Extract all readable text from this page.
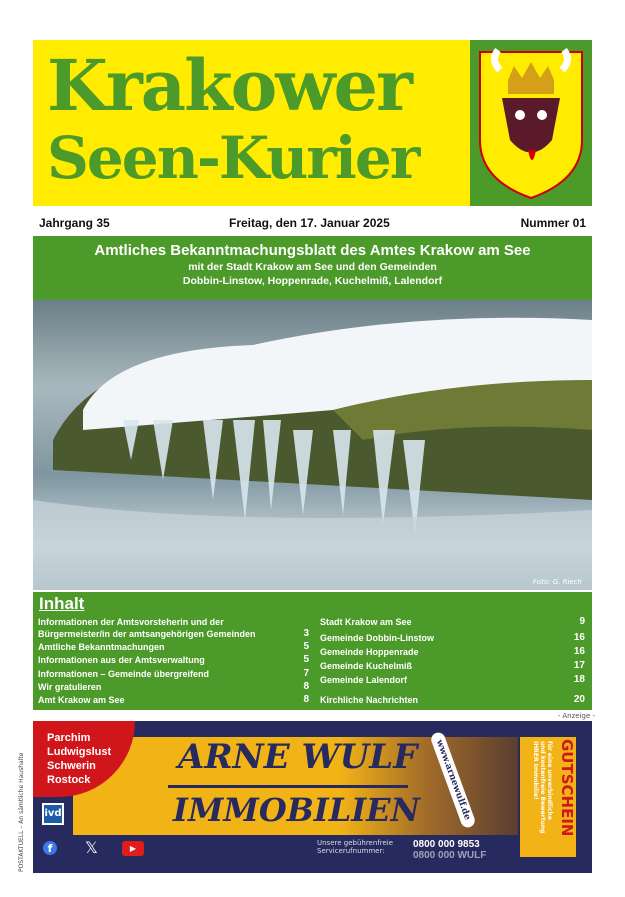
Krakower
Seen-Kurier
Jahrgang 35	Freitag, den 17. Januar 2025	Nummer 01
Amtliches Bekanntmachungsblatt des Amtes Krakow am See
mit der Stadt Krakow am See und den Gemeinden
Dobbin-Linstow, Hoppenrade, Kuchelmiß, Lalendorf
Foto: G. Riech
Inhalt
Informationen der Amtsvorsteherin und der
Bürgermeister/in der amtsangehörigen Gemeinden	3
Amtliche Bekanntmachungen	5
Informationen aus der Amtsverwaltung	5
Informationen – Gemeinde übergreifend	7
Wir gratulieren	8
Amt Krakow am See	8
Stadt Krakow am See	9
Gemeinde Dobbin-Linstow	16
Gemeinde Hoppenrade	16
Gemeinde Kuchelmiß	17
Gemeinde Lalendorf	18
Kirchliche Nachrichten	20
- Anzeige -
Parchim
Ludwigslust
Schwerin
Rostock
ARNE WULF
IMMOBILIEN	www.arnewulf.de
ivd
f 𝕏	▶
Unsere gebührenfreie
Servicerufnummer:
0800 000 9853
0800 000 WULF
GUTSCHEIN
für eine unverbindliche
und kostenfreie Bewertung
IHRER Immobilie!
POSTAKTUELL – An sämtliche Haushalte
